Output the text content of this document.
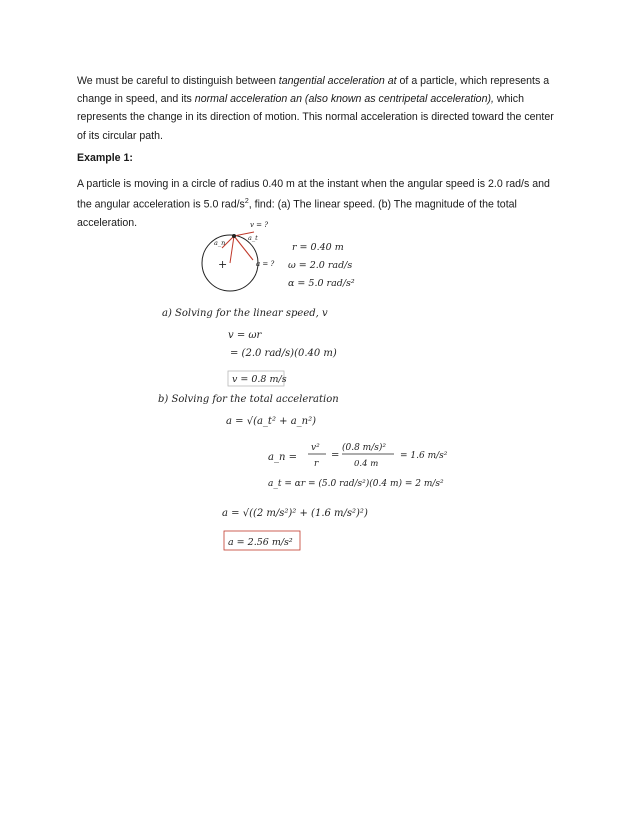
We must be careful to distinguish between tangential acceleration at of a particle, which represents a change in speed, and its normal acceleration an (also known as centripetal acceleration), which represents the change in its direction of motion. This normal acceleration is directed toward the center of its circular path.

Example 1:

A particle is moving in a circle of radius 0.40 m at the instant when the angular speed is 2.0 rad/s and the angular acceleration is 5.0 rad/$s^2$, find: (a) The linear speed. (b) The magnitude of the total acceleration.	v = ?
a_t
a_n
a = ?
+
r = 0.40 m
ω = 2.0 rad/s
α = 5.0 rad/s²
a) Solving for the linear speed, v
v = ωr
= (2.0 rad/s)(0.40 m)
v = 0.8 m/s
b) Solving for the total acceleration
a = √(a_t² + a_n²)
a_n =
v²
r
=
(0.8 m/s)²
0.4 m
= 1.6 m/s²
a_t = αr = (5.0 rad/s²)(0.4 m) = 2 m/s²
a = √((2 m/s²)² + (1.6 m/s²)²)
a = 2.56 m/s²
